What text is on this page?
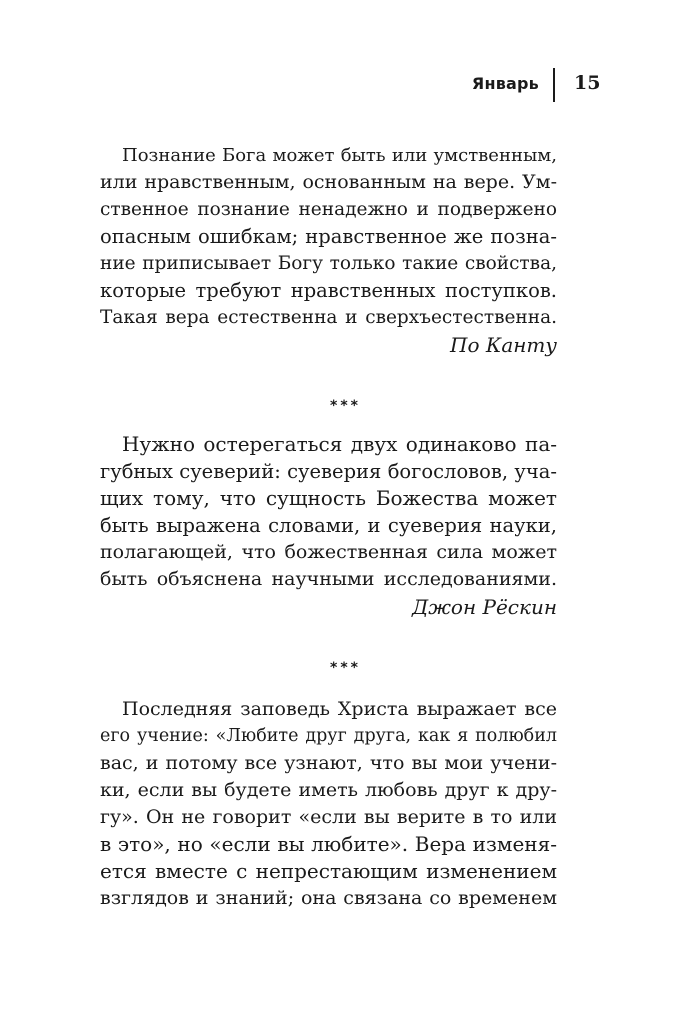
Январь 15
Познание Бога может быть или умственным,
или нравственным, основанным на вере. Ум-
ственное познание ненадежно и подвержено
опасным ошибкам; нравственное же позна-
ние приписывает Богу только такие свойства,
которые требуют нравственных поступков.
Такая вера естественна и сверхъестественна.
По Канту
***
Нужно остерегаться двух одинаково па-
губных суеверий: суеверия богословов, уча-
щих тому, что сущность Божества может
быть выражена словами, и суеверия науки,
полагающей, что божественная сила может
быть объяснена научными исследованиями.
Джон Рёскин
***
Последняя заповедь Христа выражает все
его учение: «Любите друг друга, как я полюбил
вас, и потому все узнают, что вы мои учени-
ки, если вы будете иметь любовь друг к дру-
гу». Он не говорит «если вы верите в то или
в это», но «если вы любите». Вера изменя-
ется вместе с непрестающим изменением
взглядов и знаний; она связана со временем
